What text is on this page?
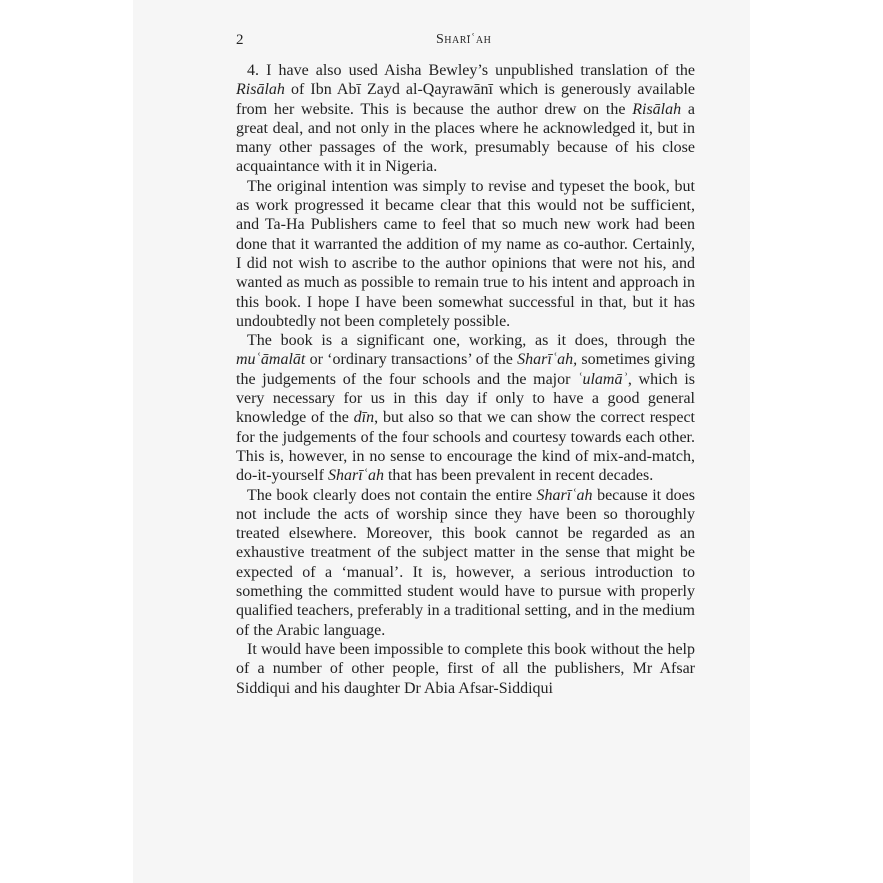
2	Sharīʿah

4. I have also used Aisha Bewley’s unpublished translation of the Risālah of Ibn Abī Zayd al-Qayrawānī which is generously available from her website. This is because the author drew on the Risālah a great deal, and not only in the places where he acknowledged it, but in many other passages of the work, presumably because of his close acquaintance with it in Nigeria.

The original intention was simply to revise and typeset the book, but as work progressed it became clear that this would not be sufficient, and Ta-Ha Publishers came to feel that so much new work had been done that it warranted the addition of my name as co-author. Certainly, I did not wish to ascribe to the author opinions that were not his, and wanted as much as possible to remain true to his intent and approach in this book. I hope I have been somewhat successful in that, but it has undoubtedly not been completely possible.

The book is a significant one, working, as it does, through the muʿāmalāt or ‘ordinary transactions’ of the Sharīʿah, sometimes giving the judgements of the four schools and the major ʿulamāʾ, which is very necessary for us in this day if only to have a good general knowledge of the dīn, but also so that we can show the correct respect for the judgements of the four schools and courtesy towards each other. This is, however, in no sense to encourage the kind of mix-and-match, do-it-yourself Sharīʿah that has been prevalent in recent decades.

The book clearly does not contain the entire Sharīʿah because it does not include the acts of worship since they have been so thoroughly treated elsewhere. Moreover, this book cannot be regarded as an exhaustive treatment of the subject matter in the sense that might be expected of a ‘manual’. It is, however, a serious introduction to something the committed student would have to pursue with properly qualified teachers, preferably in a traditional setting, and in the medium of the Arabic language.

It would have been impossible to complete this book without the help of a number of other people, first of all the publishers, Mr Afsar Siddiqui and his daughter Dr Abia Afsar-Siddiqui
